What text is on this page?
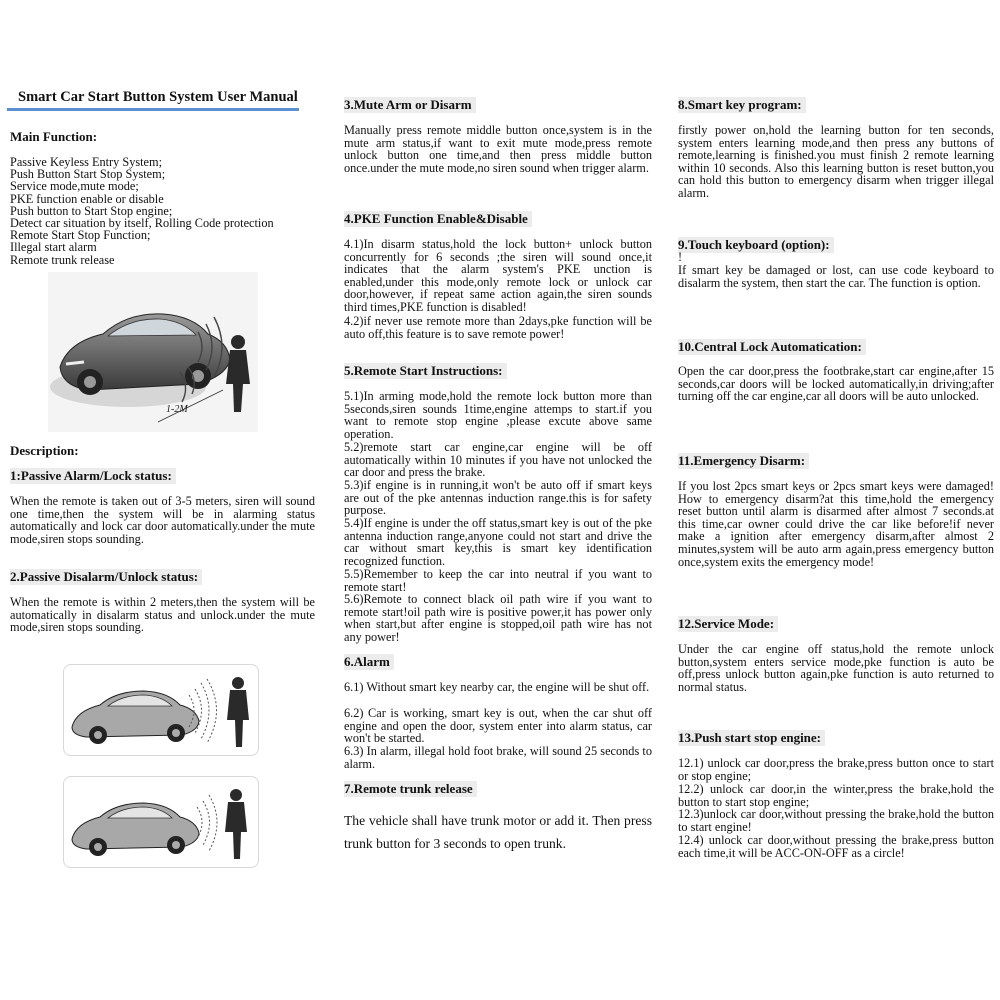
Smart Car Start Button System User Manual
Main Function:
Passive Keyless Entry System;
Push Button Start Stop System;
Service mode,mute mode;
PKE function enable or disable
Push button to Start Stop engine;
Detect car situation by itself, Rolling Code protection
Remote Start Stop Function;
Illegal start alarm
Remote trunk release
1-2M
Description:
1:Passive Alarm/Lock status:
When the remote is taken out of 3-5 meters, siren will sound one time,then the system will be in alarming status automatically and lock car door automatically.under the mute mode,siren stops sounding.
2.Passive Disalarm/Unlock status:
When the remote is within 2 meters,then the system will be automatically in disalarm status and unlock.under the mute mode,siren stops sounding.
3.Mute Arm or Disarm
Manually press remote middle button once,system is in the mute arm status,if want to exit mute mode,press remote unlock button one time,and then press middle button once.under the mute mode,no siren sound when trigger alarm.
4.PKE Function Enable&Disable
4.1)In disarm status,hold the lock button+ unlock button concurrently for 6 seconds ;the siren will sound once,it indicates that the alarm system's PKE unction is enabled,under this mode,only remote lock or unlock car door,however, if repeat same action again,the siren sounds third times,PKE function is disabled!
4.2)if never use remote more than 2days,pke function will be auto off,this feature is to save remote power!
5.Remote Start Instructions:
5.1)In arming mode,hold the remote lock button more than 5seconds,siren sounds 1time,engine attemps to start.if you want to remote stop engine ,please excute above same operation.
5.2)remote start car engine,car engine will be off automatically within 10 minutes if you have not unlocked the car door and press the brake.
5.3)if engine is in running,it won't be auto off if smart keys are out of the pke antennas induction range.this is for safety purpose.
5.4)If engine is under the off status,smart key is out of the pke antenna induction range,anyone could not start and drive the car without smart key,this is smart key identification recognized function.
5.5)Remember to keep the car into neutral if you want to remote start!
5.6)Remote to connect black oil path wire if you want to remote start!oil path wire is positive power,it has power only when start,but after engine is stopped,oil path wire has not any power!
6.Alarm
6.1) Without smart key nearby car, the engine will be shut off.
6.2) Car is working, smart key is out, when the car shut off engine and open the door, system enter into alarm status, car won't be started.
6.3) In alarm, illegal hold foot brake, will sound 25 seconds to alarm.
7.Remote trunk release
The vehicle shall have trunk motor or add it. Then press trunk button for 3 seconds to open trunk.
8.Smart key program:
firstly power on,hold the learning button for ten seconds, system enters learning mode,and then press any buttons of remote,learning is finished.you must finish 2 remote learning within 10 seconds. Also this learning button is reset button,you can hold this button to emergency disarm when trigger illegal alarm.
9.Touch keyboard (option):
!
If smart key be damaged or lost, can use code keyboard to disalarm the system, then start the car. The function is option.
10.Central Lock Automatication:
Open the car door,press the footbrake,start car engine,after 15 seconds,car doors will be locked automatically,in driving;after turning off the car engine,car all doors will be auto unlocked.
11.Emergency Disarm:
If you lost 2pcs smart keys or 2pcs smart keys were damaged! How to emergency disarm?at this time,hold the emergency reset button until alarm is disarmed after almost 7 seconds.at this time,car owner could drive the car like before!if never make a ignition after emergency disarm,after almost 2 minutes,system will be auto arm again,press emergency button once,system exits the emergency mode!
12.Service Mode:
Under the car engine off status,hold the remote unlock button,system enters service mode,pke function is auto be off,press unlock button again,pke function is auto returned to normal status.
13.Push start stop engine:
12.1) unlock car door,press the brake,press button once to start or stop engine;
12.2) unlock car door,in the winter,press the brake,hold the button to start stop engine;
12.3)unlock car door,without pressing the brake,hold the button to start engine!
12.4) unlock car door,without pressing the brake,press button each time,it will be ACC-ON-OFF as a circle!
